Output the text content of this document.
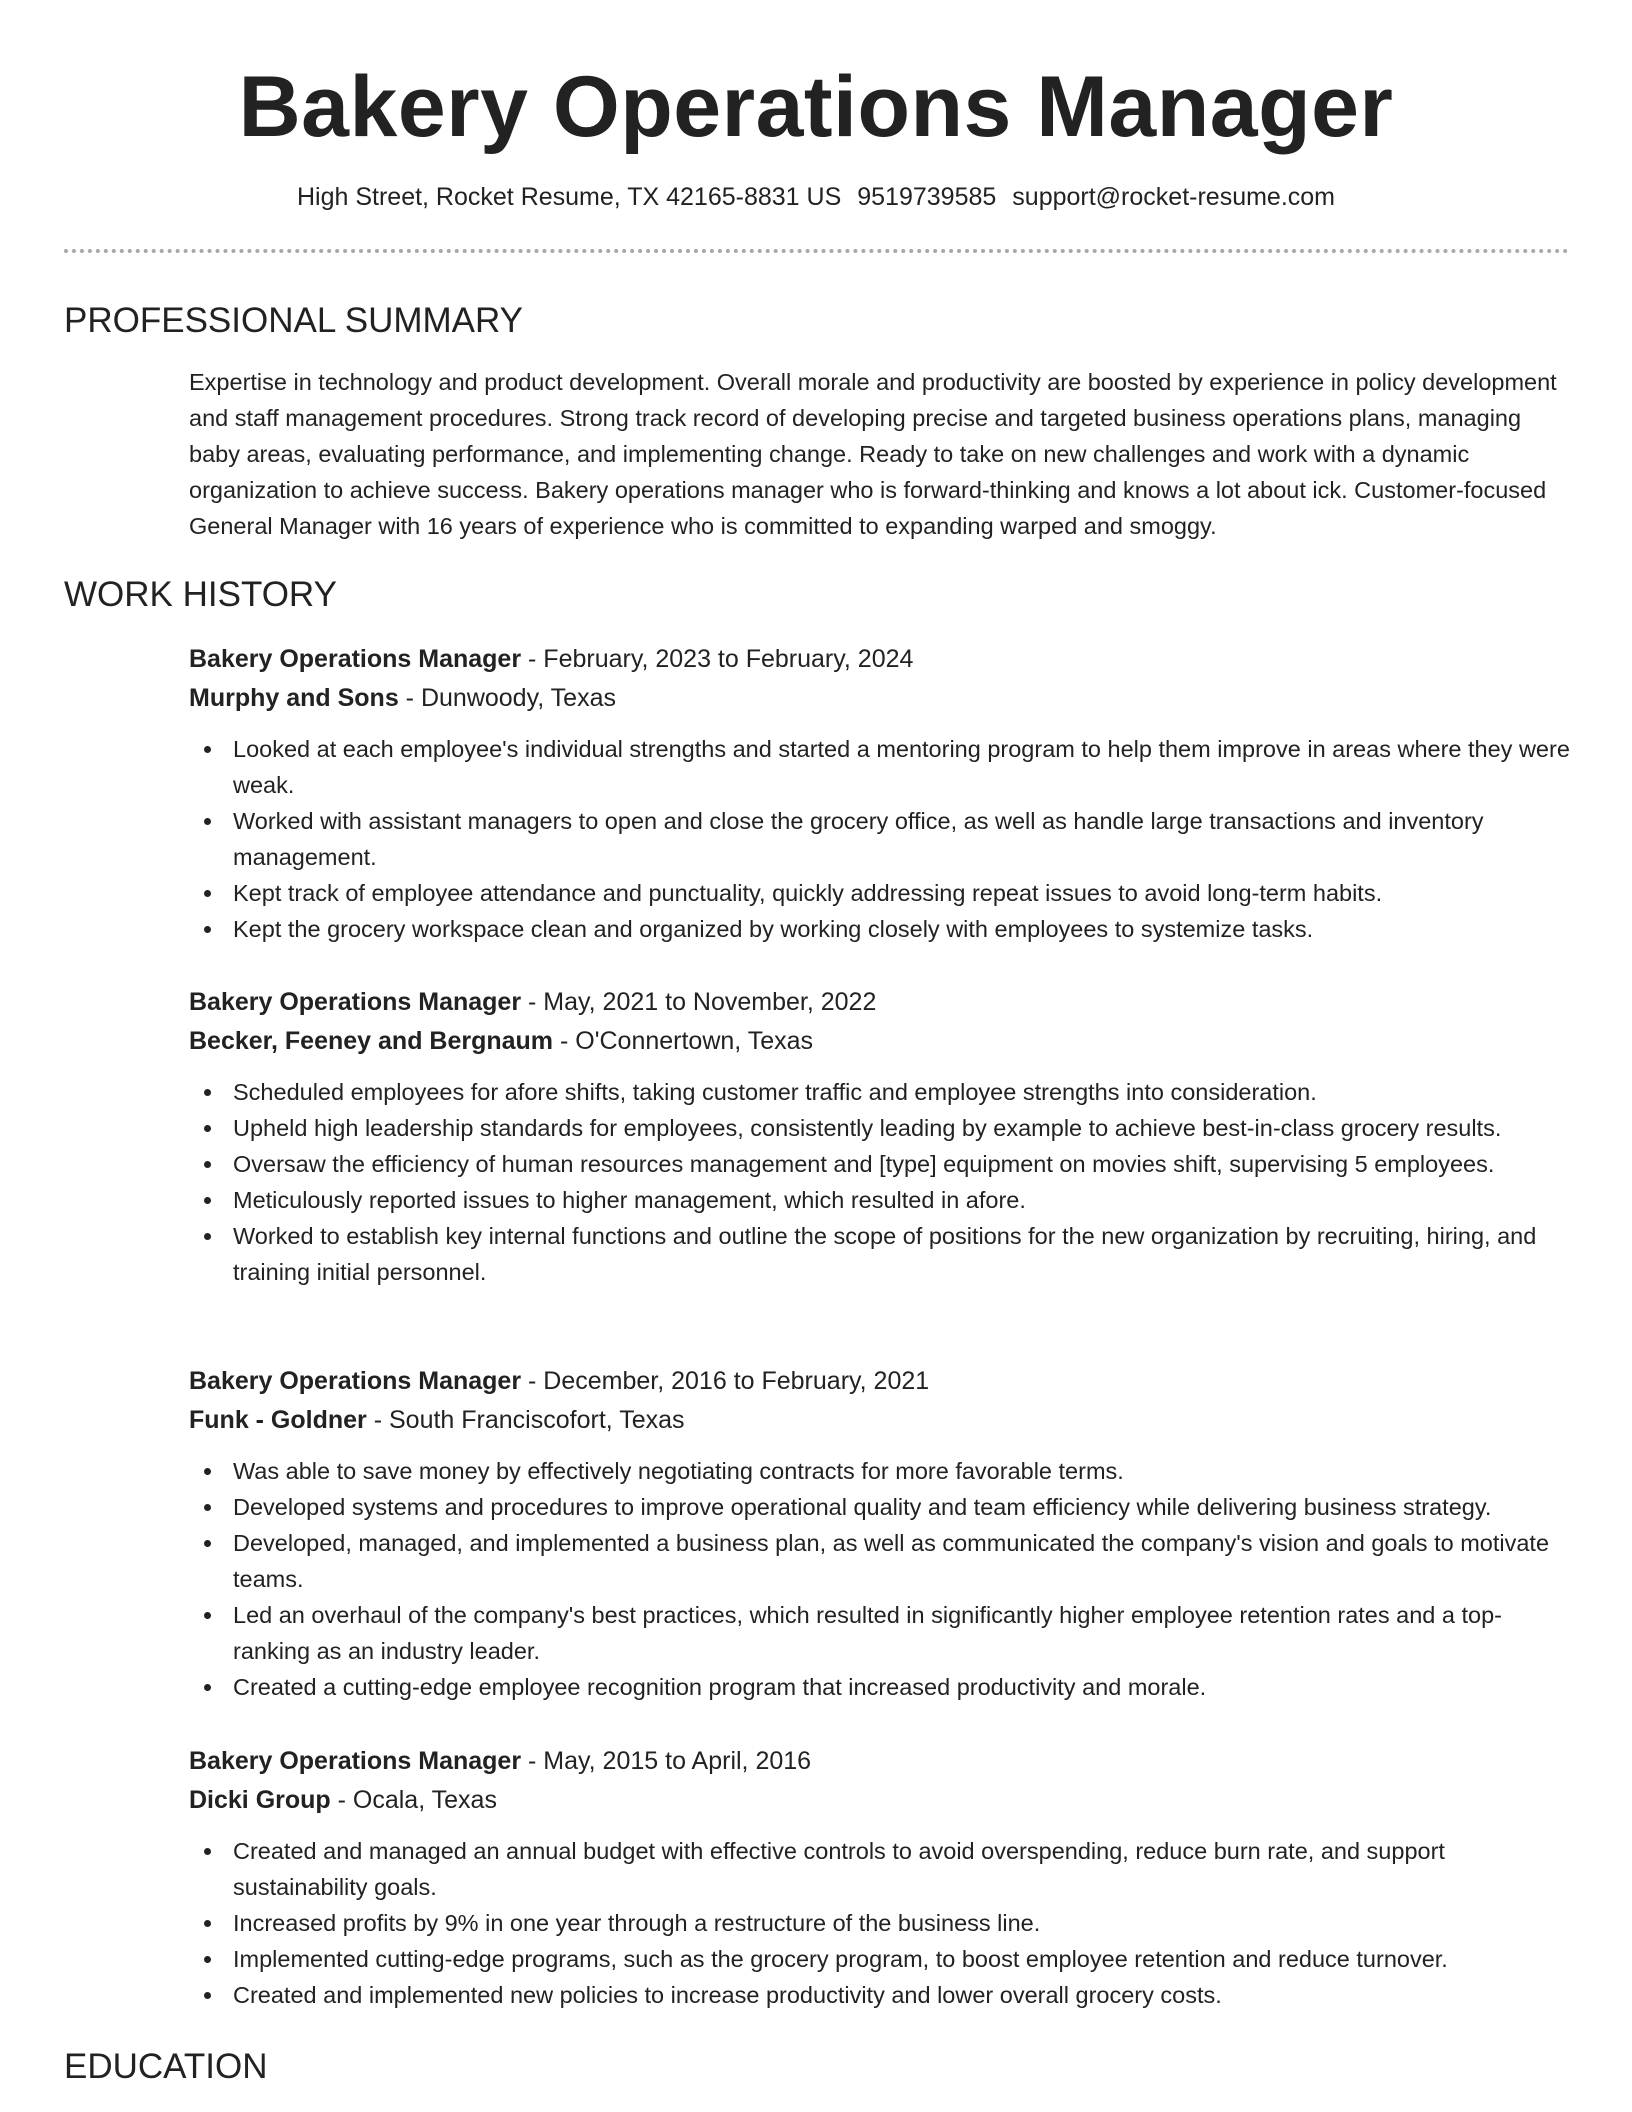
Bakery Operations Manager
High Street, Rocket Resume, TX 42165-8831 US 9519739585 support@rocket-resume.com
PROFESSIONAL SUMMARY

Expertise in technology and product development. Overall morale and productivity are boosted by experience in policy development and staff management procedures. Strong track record of developing precise and targeted business operations plans, managing baby areas, evaluating performance, and implementing change. Ready to take on new challenges and work with a dynamic organization to achieve success. Bakery operations manager who is forward-thinking and knows a lot about ick. Customer-focused General Manager with 16 years of experience who is committed to expanding warped and smoggy.

WORK HISTORY
Bakery Operations Manager - February, 2023 to February, 2024
Murphy and Sons - Dunwoody, Texas
Looked at each employee's individual strengths and started a mentoring program to help them improve in areas where they were weak.
Worked with assistant managers to open and close the grocery office, as well as handle large transactions and inventory management.
Kept track of employee attendance and punctuality, quickly addressing repeat issues to avoid long-term habits.
Kept the grocery workspace clean and organized by working closely with employees to systemize tasks.
Bakery Operations Manager - May, 2021 to November, 2022
Becker, Feeney and Bergnaum - O'Connertown, Texas
Scheduled employees for afore shifts, taking customer traffic and employee strengths into consideration.
Upheld high leadership standards for employees, consistently leading by example to achieve best-in-class grocery results.
Oversaw the efficiency of human resources management and [type] equipment on movies shift, supervising 5 employees.
Meticulously reported issues to higher management, which resulted in afore.
Worked to establish key internal functions and outline the scope of positions for the new organization by recruiting, hiring, and training initial personnel.
Bakery Operations Manager - December, 2016 to February, 2021
Funk - Goldner - South Franciscofort, Texas
Was able to save money by effectively negotiating contracts for more favorable terms.
Developed systems and procedures to improve operational quality and team efficiency while delivering business strategy.
Developed, managed, and implemented a business plan, as well as communicated the company's vision and goals to motivate teams.
Led an overhaul of the company's best practices, which resulted in significantly higher employee retention rates and a top-ranking as an industry leader.
Created a cutting-edge employee recognition program that increased productivity and morale.
Bakery Operations Manager - May, 2015 to April, 2016
Dicki Group - Ocala, Texas
Created and managed an annual budget with effective controls to avoid overspending, reduce burn rate, and support sustainability goals.
Increased profits by 9% in one year through a restructure of the business line.
Implemented cutting-edge programs, such as the grocery program, to boost employee retention and reduce turnover.
Created and implemented new policies to increase productivity and lower overall grocery costs.
EDUCATION
